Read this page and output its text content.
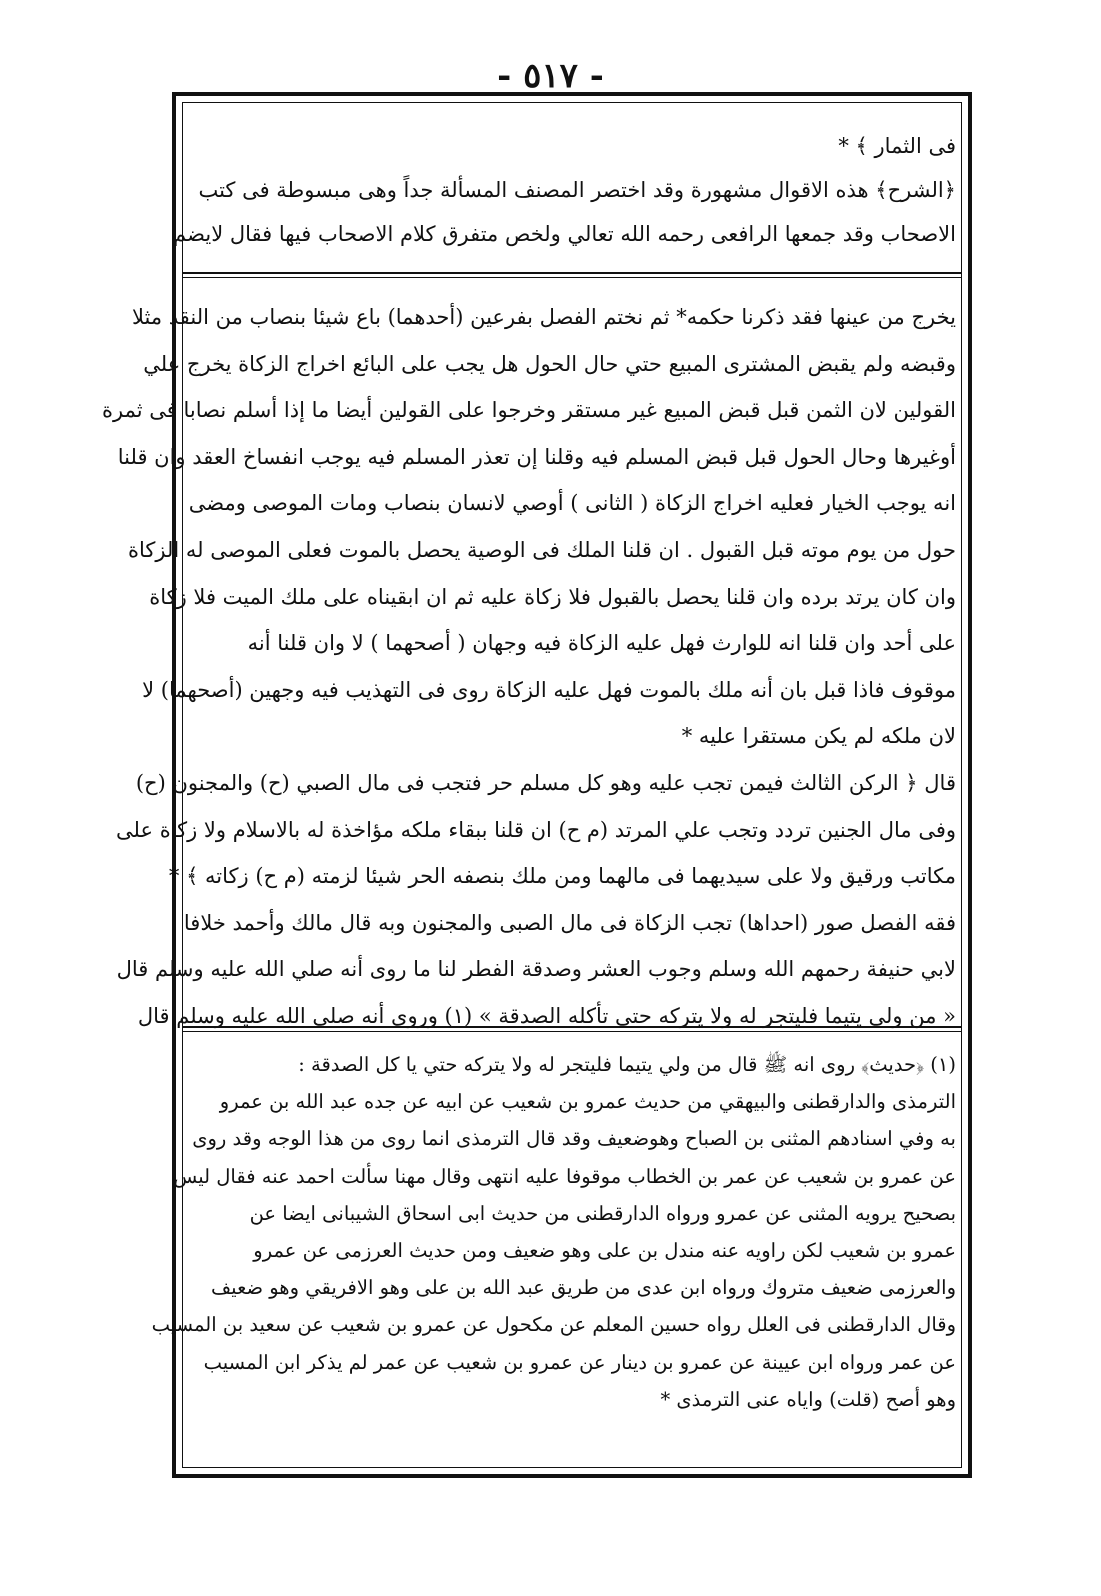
- ٥١٧ -
فى الثمار ﴾ *
﴿الشرح﴾ هذه الاقوال مشهورة وقد اختصر المصنف المسألة جداً وهى مبسوطة فى كتب
الاصحاب وقد جمعها الرافعى رحمه الله تعالي ولخص متفرق كلام الاصحاب فيها فقال لايضم
يخرج من عينها فقد ذكرنا حكمه* ثم نختم الفصل بفرعين (أحدهما) باع شيئا بنصاب من النقد مثلا
وقبضه ولم يقبض المشترى المبيع حتي حال الحول هل يجب على البائع اخراج الزكاة يخرج علي
القولين لان الثمن قبل قبض المبيع غير مستقر وخرجوا على القولين أيضا ما إذا أسلم نصابا فى ثمرة
أوغيرها وحال الحول قبل قبض المسلم فيه وقلنا إن تعذر المسلم فيه يوجب انفساخ العقد وان قلنا
انه يوجب الخيار فعليه اخراج الزكاة ( الثانى ) أوصي لانسان بنصاب ومات الموصى ومضى
حول من يوم موته قبل القبول . ان قلنا الملك فى الوصية يحصل بالموت فعلى الموصى له الزكاة
وان كان يرتد برده وان قلنا يحصل بالقبول فلا زكاة عليه ثم ان ابقيناه على ملك الميت فلا زكاة
على أحد وان قلنا انه للوارث فهل عليه الزكاة فيه وجهان ( أصحهما ) لا وان قلنا أنه
موقوف فاذا قبل بان أنه ملك بالموت فهل عليه الزكاة روى فى التهذيب فيه وجهين (أصحهما) لا
لان ملكه لم يكن مستقرا عليه *
قال ﴿ الركن الثالث فيمن تجب عليه وهو كل مسلم حر فتجب فى مال الصبي (ح) والمجنون (ح)
وفى مال الجنين تردد وتجب علي المرتد (م ح) ان قلنا ببقاء ملكه مؤاخذة له بالاسلام ولا زكاة على
مكاتب ورقيق ولا على سيديهما فى مالهما ومن ملك بنصفه الحر شيئا لزمته (م ح) زكاته ﴾ *
فقه الفصل صور (احداها) تجب الزكاة فى مال الصبى والمجنون وبه قال مالك وأحمد خلافا
لابي حنيفة رحمهم الله وسلم وجوب العشر وصدقة الفطر لنا ما روى أنه صلي الله عليه وسلم قال
« من ولي يتيما فليتجر له ولا يتركه حتى تأكله الصدقة » (١) وروى أنه صلي الله عليه وسلم قال
(١) ﴿حديث﴾ روى انه ﷺ قال من ولي يتيما فليتجر له ولا يتركه حتي يا كل الصدقة :
الترمذى والدارقطنى والبيهقي من حديث عمرو بن شعيب عن ابيه عن جده عبد الله بن عمرو
به وفي اسنادهم المثنى بن الصباح وهوضعيف وقد قال الترمذى انما روى من هذا الوجه وقد روى
عن عمرو بن شعيب عن عمر بن الخطاب موقوفا عليه انتهى وقال مهنا سألت احمد عنه فقال ليس
بصحيح يرويه المثنى عن عمرو ورواه الدارقطنى من حديث ابى اسحاق الشيبانى ايضا عن
عمرو بن شعيب لكن راويه عنه مندل بن على وهو ضعيف ومن حديث العرزمى عن عمرو
والعرزمى ضعيف متروك ورواه ابن عدى من طريق عبد الله بن على وهو الافريقي وهو ضعيف
وقال الدارقطنى فى العلل رواه حسين المعلم عن مكحول عن عمرو بن شعيب عن سعيد بن المسيب
عن عمر ورواه ابن عيينة عن عمرو بن دينار عن عمرو بن شعيب عن عمر لم يذكر ابن المسيب
وهو أصح (قلت) واياه عنى الترمذى *
